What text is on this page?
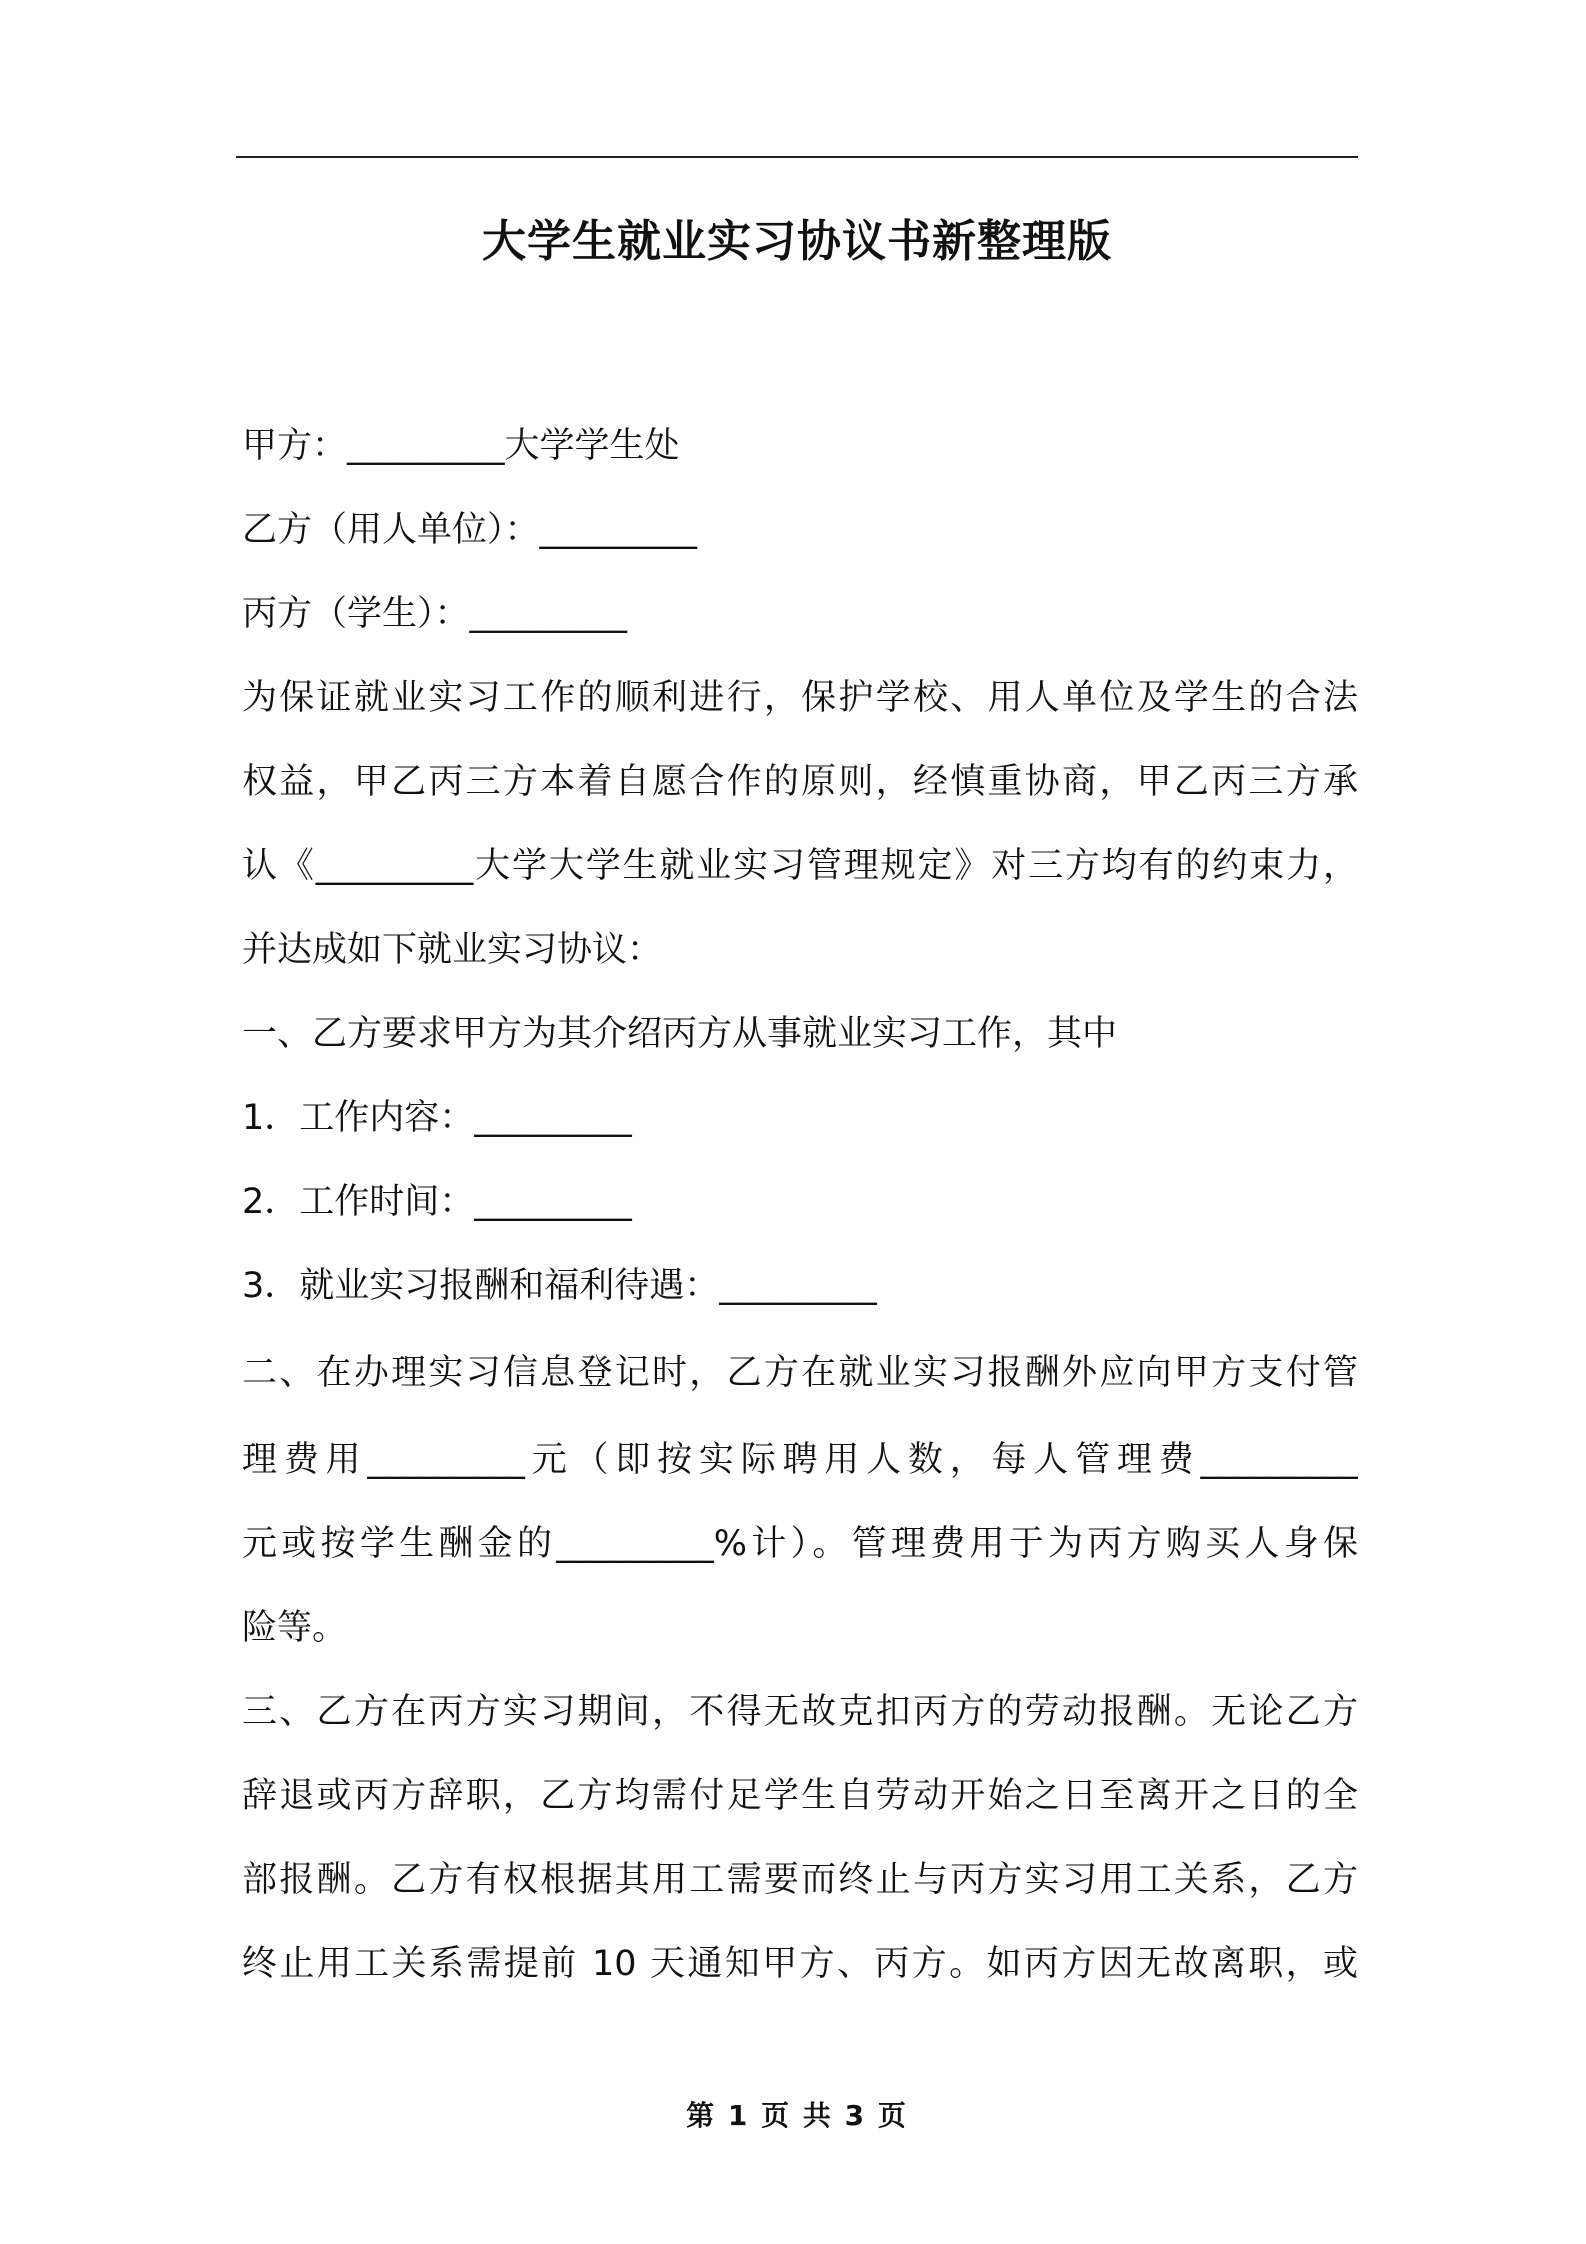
大学生就业实习协议书新整理版
甲方：_________大学学生处
乙方（用人单位）：_________
丙方（学生）：_________
为保证就业实习工作的顺利进行，保护学校、用人单位及学生的合法
权益，甲乙丙三方本着自愿合作的原则，经慎重协商，甲乙丙三方承
认《_________大学大学生就业实习管理规定》对三方均有的约束力，
并达成如下就业实习协议：
一、乙方要求甲方为其介绍丙方从事就业实习工作，其中
1．工作内容：_________
2．工作时间：_________
3．就业实习报酬和福利待遇：_________
二、在办理实习信息登记时，乙方在就业实习报酬外应向甲方支付管
理费用_________元（即按实际聘用人数，每人管理费_________
元或按学生酬金的_________%计）。管理费用于为丙方购买人身保
险等。
三、乙方在丙方实习期间，不得无故克扣丙方的劳动报酬。无论乙方
辞退或丙方辞职，乙方均需付足学生自劳动开始之日至离开之日的全
部报酬。乙方有权根据其用工需要而终止与丙方实习用工关系，乙方
终止用工关系需提前 10 天通知甲方、丙方。如丙方因无故离职，或
第 1 页 共 3 页
